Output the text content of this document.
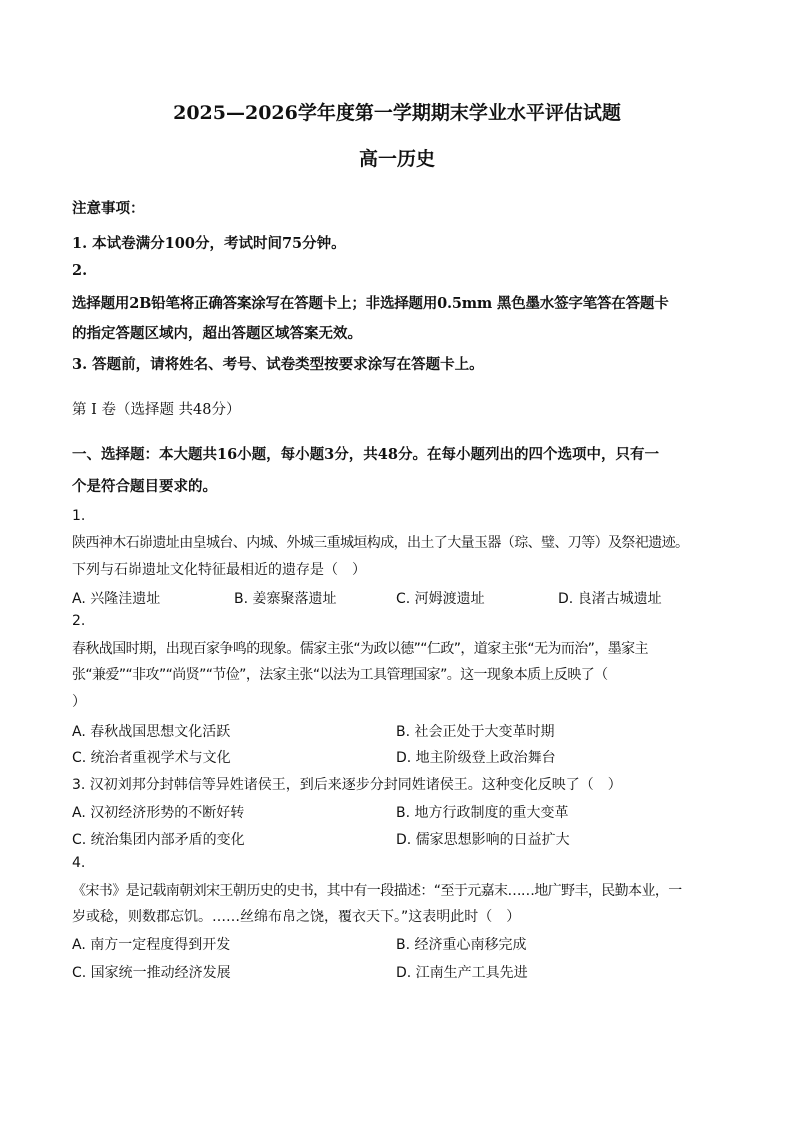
2025—2026学年度第一学期期末学业水平评估试题
高一历史
注意事项：
1. 本试卷满分100分，考试时间75分钟。
2.
选择题用2B铅笔将正确答案涂写在答题卡上；非选择题用0.5mm 黑色墨水签字笔答在答题卡
的指定答题区域内，超出答题区域答案无效。
3. 答题前，请将姓名、考号、试卷类型按要求涂写在答题卡上。
第 Ⅰ 卷（选择题 共48分）
一、选择题：本大题共16小题，每小题3分，共48分。在每小题列出的四个选项中，只有一
个是符合题目要求的。
1.
陕西神木石峁遗址由皇城台、内城、外城三重城垣构成，出土了大量玉器（琮、璧、刀等）及祭祀遗迹。
下列与石峁遗址文化特征最相近的遗存是（　）
A. 兴隆洼遗址	B. 姜寨聚落遗址	C. 河姆渡遗址	D. 良渚古城遗址
2.
春秋战国时期，出现百家争鸣的现象。儒家主张“为政以德”“仁政”，道家主张“无为而治”，墨家主
张“兼爱”“非攻”“尚贤”“节俭”，法家主张“以法为工具管理国家”。这一现象本质上反映了（
）
A. 春秋战国思想文化活跃	B. 社会正处于大变革时期
C. 统治者重视学术与文化	D. 地主阶级登上政治舞台
3. 汉初刘邦分封韩信等异姓诸侯王，到后来逐步分封同姓诸侯王。这种变化反映了（　）
A. 汉初经济形势的不断好转	B. 地方行政制度的重大变革
C. 统治集团内部矛盾的变化	D. 儒家思想影响的日益扩大
4.
《宋书》是记载南朝刘宋王朝历史的史书，其中有一段描述：“至于元嘉末……地广野丰，民勤本业，一
岁或稔，则数郡忘饥。……丝绵布帛之饶，覆衣天下。”这表明此时（　）
A. 南方一定程度得到开发	B. 经济重心南移完成
C. 国家统一推动经济发展	D. 江南生产工具先进
